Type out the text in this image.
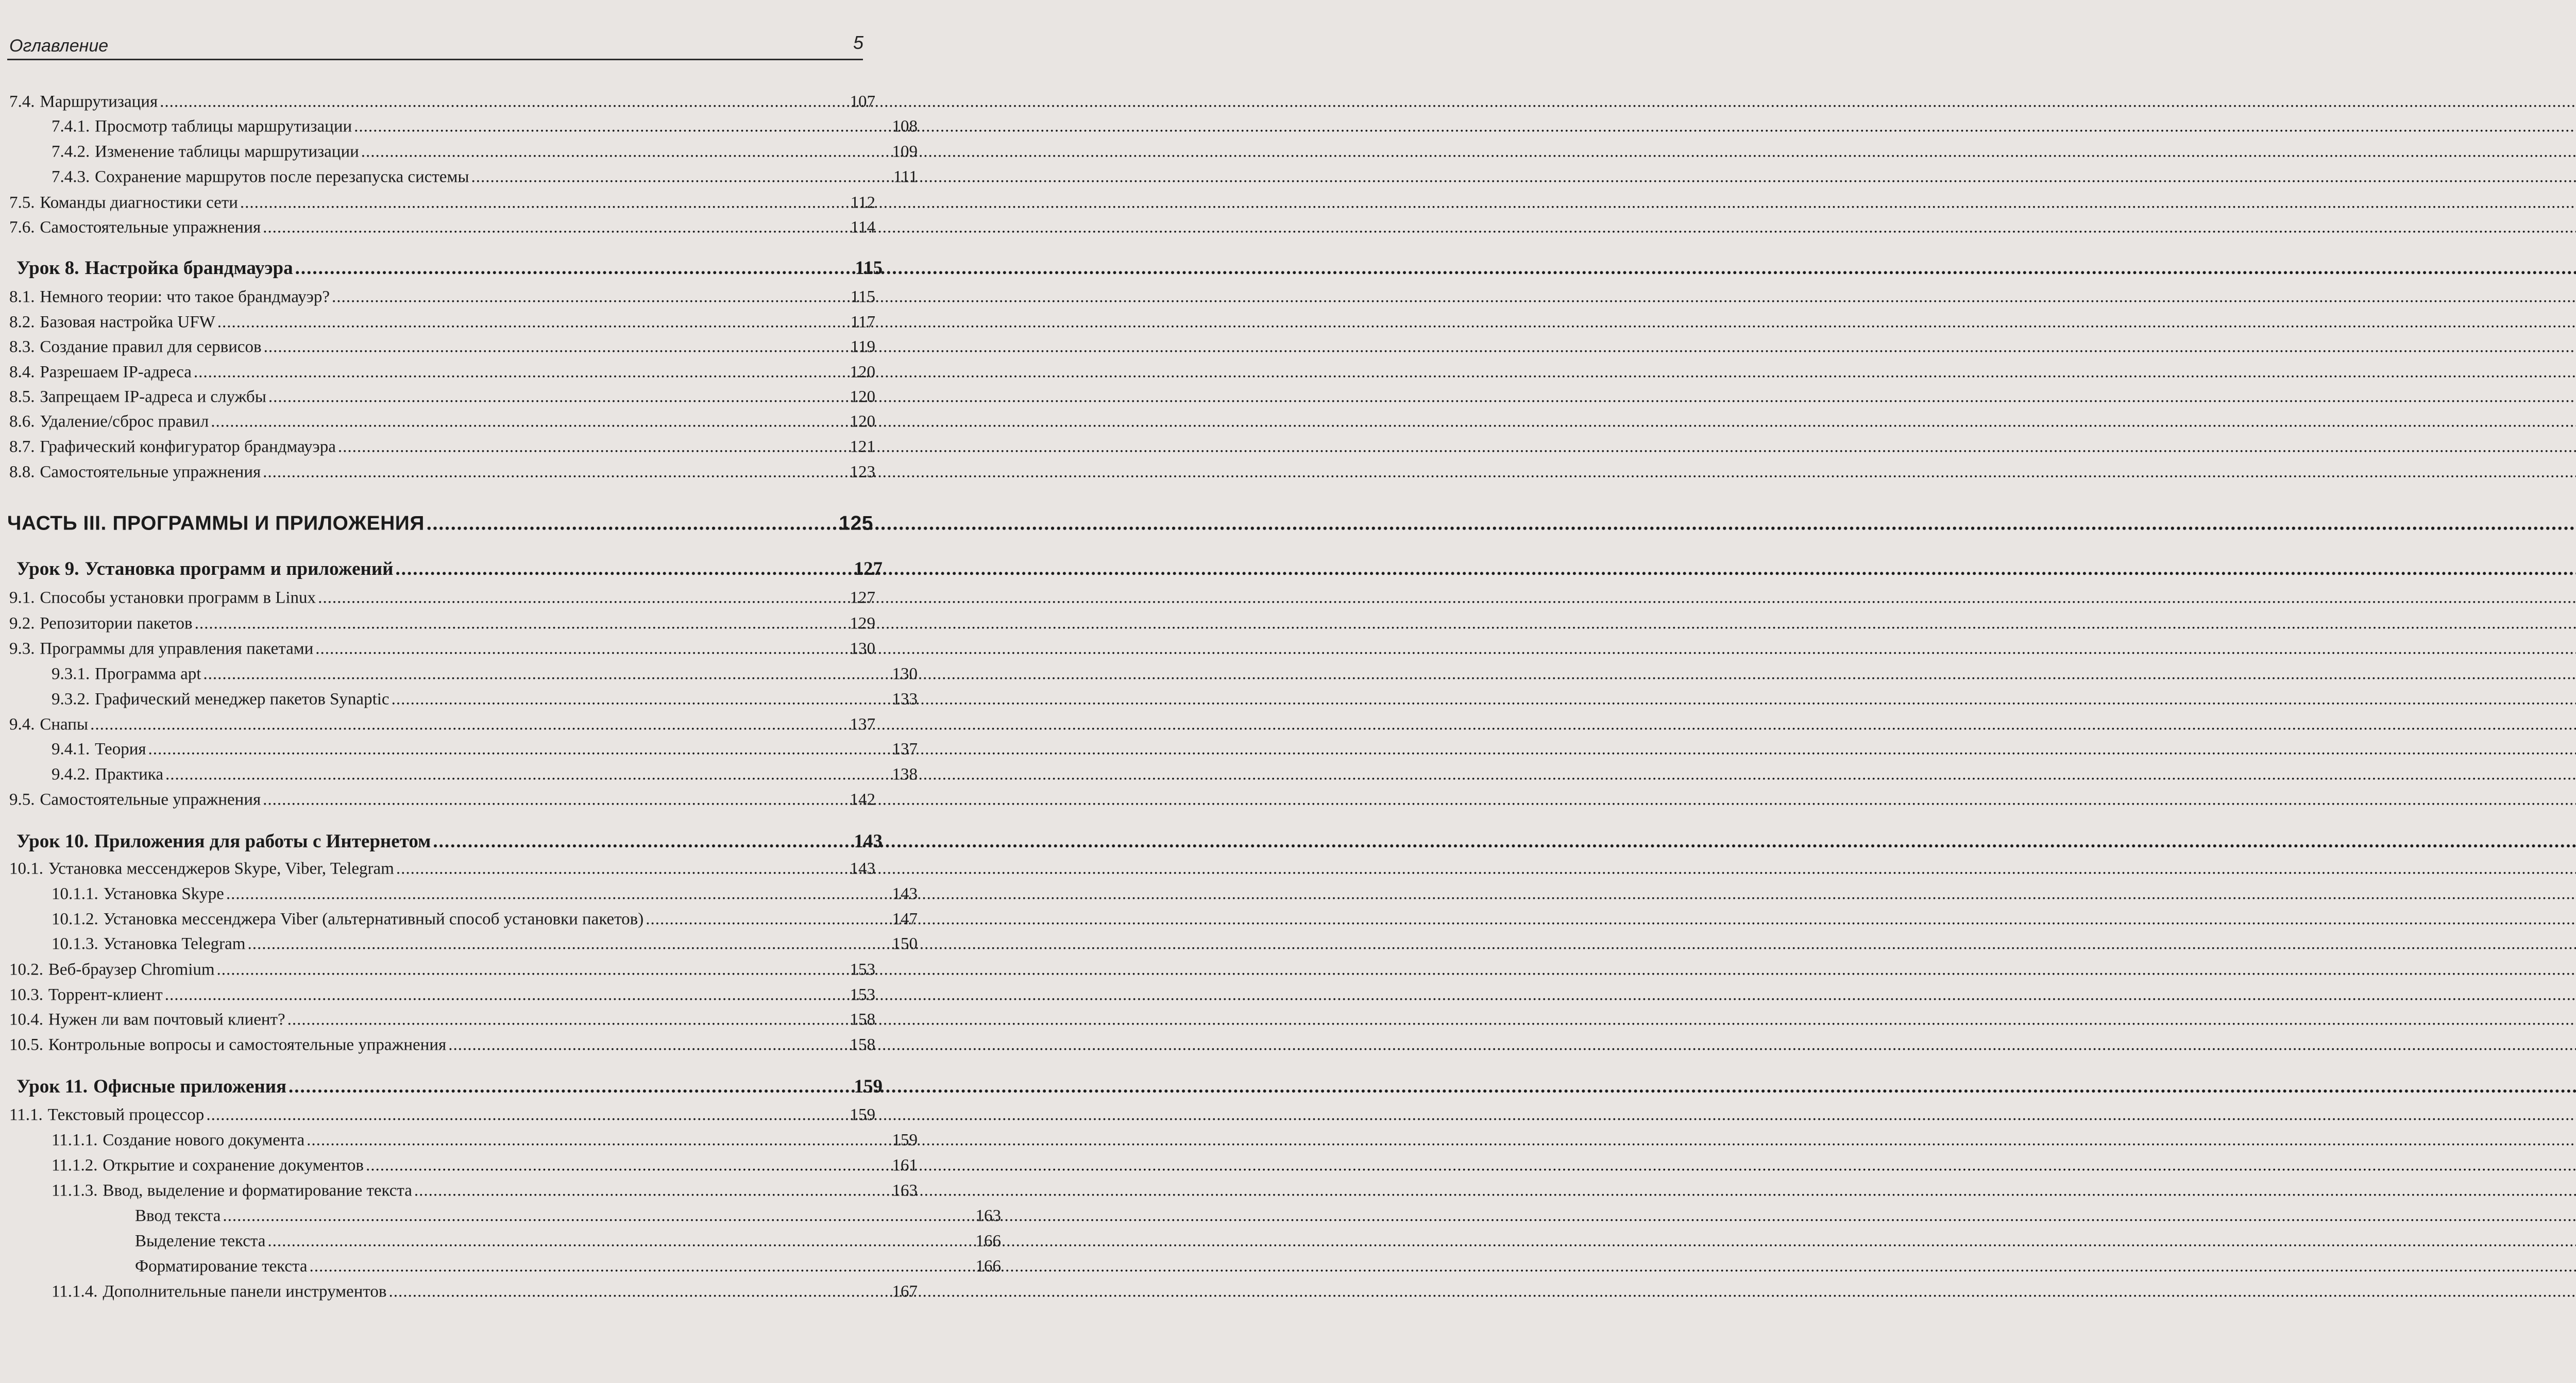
Оглавление	5
7.4. Маршрутизация .....	107
7.4.1. Просмотр таблицы маршрутизации .....	108
7.4.2. Изменение таблицы маршрутизации .....	109
7.4.3. Сохранение маршрутов после перезапуска системы .....	111
7.5. Команды диагностики сети .....	112
7.6. Самостоятельные упражнения .....	114
Урок 8. Настройка брандмауэра .....	115
8.1. Немного теории: что такое брандмауэр? .....	115
8.2. Базовая настройка UFW .....	117
8.3. Создание правил для сервисов .....	119
8.4. Разрешаем IP-адреса .....	120
8.5. Запрещаем IP-адреса и службы .....	120
8.6. Удаление/сброс правил .....	120
8.7. Графический конфигуратор брандмауэра .....	121
8.8. Самостоятельные упражнения .....	123
ЧАСТЬ III. ПРОГРАММЫ И ПРИЛОЖЕНИЯ .....	125
Урок 9. Установка программ и приложений .....	127
9.1. Способы установки программ в Linux .....	127
9.2. Репозитории пакетов .....	129
9.3. Программы для управления пакетами .....	130
9.3.1. Программа apt .....	130
9.3.2. Графический менеджер пакетов Synaptic .....	133
9.4. Снапы .....	137
9.4.1. Теория .....	137
9.4.2. Практика .....	138
9.5. Самостоятельные упражнения .....	142
Урок 10. Приложения для работы с Интернетом .....	143
10.1. Установка мессенджеров Skype, Viber, Telegram .....	143
10.1.1. Установка Skype .....	143
10.1.2. Установка мессенджера Viber (альтернативный способ установки пакетов) .....	147
10.1.3. Установка Telegram .....	150
10.2. Веб-браузер Chromium .....	153
10.3. Торрент-клиент .....	153
10.4. Нужен ли вам почтовый клиент? .....	158
10.5. Контрольные вопросы и самостоятельные упражнения .....	158
Урок 11. Офисные приложения .....	159
11.1. Текстовый процессор .....	159
11.1.1. Создание нового документа .....	159
11.1.2. Открытие и сохранение документов .....	161
11.1.3. Ввод, выделение и форматирование текста .....	163
Ввод текста .....	163
Выделение текста .....	166
Форматирование текста .....	166
11.1.4. Дополнительные панели инструментов .....	167
